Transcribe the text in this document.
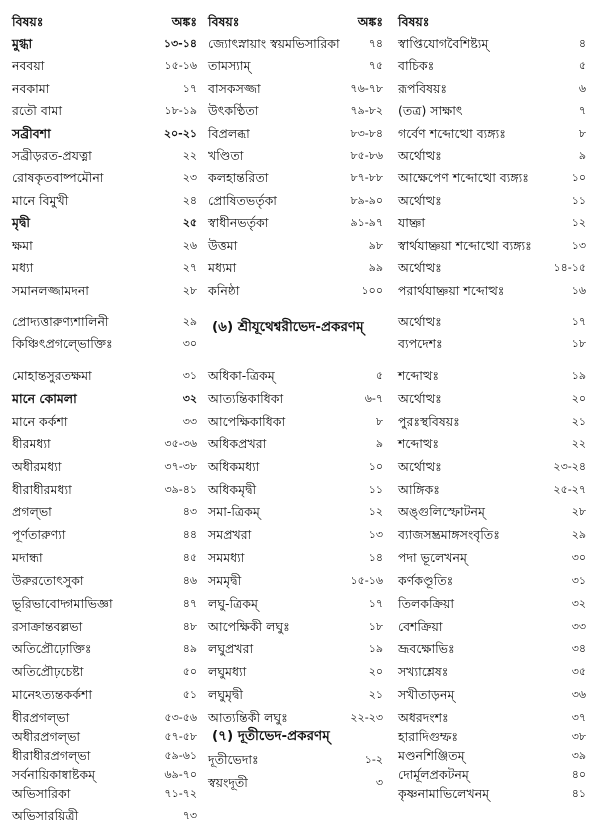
বিষয়ঃ	অঙ্কঃ
মুগ্ধা	১৩-১৪
নববয়া	১৫-১৬
নবকামা	১৭
রতৌ বামা	১৮-১৯
সব্রীবশা	২০-২১
সব্রীড়রত-প্রযত্না	২২
রোষকৃতবাষ্পমৌনা	২৩
মানে বিমুখী	২৪
মৃদ্বী	২৫
ক্ষমা	২৬
মধ্যা	২৭
সমানলজ্জামদনা	২৮
প্রোদ্যত্তারুণ্যশালিনী	২৯
কিঞ্চিৎপ্রগল্ভোক্তিঃ	৩০
মোহান্তসুরতক্ষমা	৩১
মানে কোমলা	৩২
মানে কর্কশা	৩৩
ধীরমধ্যা	৩৫-৩৬
অধীরমধ্যা	৩৭-৩৮
ধীরাধীরমধ্যা	৩৯-৪১
প্রগল্ভা	৪৩
পূর্ণতারুণ্যা	৪৪
মদান্ধা	৪৫
উরুরতোৎসুকা	৪৬
ভূরিভাবোদ্গমাভিজ্ঞা	৪৭
রসাক্রান্তবল্লভা	৪৮
অতিপ্রৌঢ়োক্তিঃ	৪৯
অতিপ্রৌঢ়চেষ্টা	৫০
মানেঽত্যন্তকর্কশা	৫১
ধীরপ্রগল্ভা	৫৩-৫৬
অধীরপ্রগল্ভা	৫৭-৫৮
ধীরাধীরপ্রগল্ভা	৫৯-৬১
সর্বনায়িকাষ্বাষ্টকম্	৬৯-৭০
অভিসারিকা	৭১-৭২
অভিসারয়িত্রী	৭৩
বিষয়ঃ	অঙ্কঃ
(৬) শ্রীযূথেশ্বরীভেদ-প্রকরণম্
(৭) দূতীভেদ-প্রকরণম্
জ্যোৎস্নায়াং স্বয়মভিসারিকা	৭৪
তামস্যাম্	৭৫
বাসকসজ্জা	৭৬-৭৮
উৎকণ্ঠিতা	৭৯-৮২
বিপ্রলব্ধা	৮৩-৮৪
খণ্ডিতা	৮৫-৮৬
কলহান্তরিতা	৮৭-৮৮
প্রোষিতভর্তৃকা	৮৯-৯০
স্বাধীনভর্তৃকা	৯১-৯৭
উত্তমা	৯৮
মধ্যমা	৯৯
কনিষ্ঠা	১০০
অধিকা-ত্রিকম্	৫
আত্যন্তিকাধিকা	৬-৭
আপেক্ষিকাধিকা	৮
অধিকপ্রখরা	৯
অধিকমধ্যা	১০
অধিকমৃদ্বী	১১
সমা-ত্রিকম্	১২
সমপ্রখরা	১৩
সমমধ্যা	১৪
সমমৃদ্বী	১৫-১৬
লঘু-ত্রিকম্	১৭
আপেক্ষিকী লঘুঃ	১৮
লঘুপ্রখরা	১৯
লঘুমধ্যা	২০
লঘুমৃদ্বী	২১
আত্যন্তিকী লঘুঃ	২২-২৩
দূতীভেদাঃ	১-২
স্বয়ংদূতী	৩
বিষয়ঃ
স্বাপ্তিযোগবৈশিষ্ট্যম্	৪
বাচিকঃ	৫
রূপবিষয়ঃ	৬
(তত্র) সাক্ষাৎ	৭
গর্বেণ শব্দোত্থো ব্যঙ্গ্যঃ	৮
অর্থোত্থঃ	৯
আক্ষেপেণ শব্দোত্থো ব্যঙ্গ্যঃ	১০
অর্থোত্থঃ	১১
যাচ্ঞা	১২
স্বার্থযাচ্ঞয়া শব্দোত্থো ব্যঙ্গ্যঃ	১৩
অর্থোত্থঃ	১৪-১৫
পরার্থযাচ্ঞয়া শব্দোত্থঃ	১৬
অর্থোত্থঃ	১৭
ব্যপদেশঃ	১৮
শব্দোত্থঃ	১৯
অর্থোত্থঃ	২০
পুরঃস্থবিষয়ঃ	২১
শব্দোত্থঃ	২২
অর্থোত্থঃ	২৩-২৪
আঙ্গিকঃ	২৫-২৭
অঙ্গুলিস্ফোটনম্	২৮
ব্যাজসম্ভ্রমাঙ্গসংবৃতিঃ	২৯
পদা ভূলেখনম্	৩০
কর্ণকণ্ডূতিঃ	৩১
তিলকক্রিয়া	৩২
বেশক্রিয়া	৩৩
ভ্রূবক্ষোভিঃ	৩৪
সখ্যাশ্লেষঃ	৩৫
সখীতাড়নম্	৩৬
অধরদংশঃ	৩৭
হারাদিগুম্ফঃ	৩৮
মণ্ডনশিঞ্জিতম্	৩৯
দোর্মূলপ্রকটনম্	৪০
কৃষ্ণনামাভিলেখনম্	৪১
